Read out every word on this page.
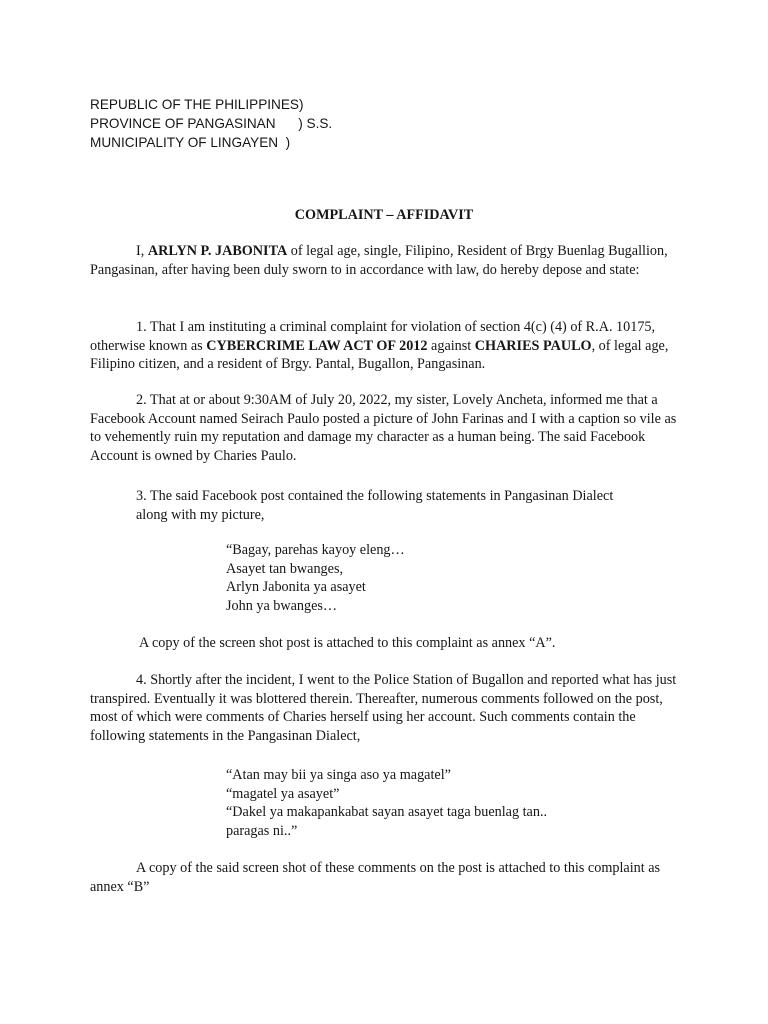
REPUBLIC OF THE PHILIPPINES)
PROVINCE OF PANGASINAN      ) S.S.
MUNICIPALITY OF LINGAYEN  )
COMPLAINT – AFFIDAVIT
I, ARLYN P. JABONITA of legal age, single, Filipino, Resident of Brgy Buenlag Bugallion, Pangasinan, after having been duly sworn to in accordance with law, do hereby depose and state:
1. That I am instituting a criminal complaint for violation of section 4(c) (4) of R.A. 10175, otherwise known as CYBERCRIME LAW ACT OF 2012 against CHARIES PAULO, of legal age, Filipino citizen, and a resident of Brgy. Pantal, Bugallon, Pangasinan.
2. That at or about 9:30AM of July 20, 2022, my sister, Lovely Ancheta, informed me that a Facebook Account named Seirach Paulo posted a picture of John Farinas and I with a caption so vile as to vehemently ruin my reputation and damage my character as a human being. The said Facebook Account is owned by Charies Paulo.
3. The said Facebook post contained the following statements in Pangasinan Dialect
along with my picture,
“Bagay, parehas kayoy eleng…
Asayet tan bwanges,
Arlyn Jabonita ya asayet
John ya bwanges…
A copy of the screen shot post is attached to this complaint as annex “A”.
4. Shortly after the incident, I went to the Police Station of Bugallon and reported what has just transpired. Eventually it was blottered therein. Thereafter, numerous comments followed on the post, most of which were comments of Charies herself using her account. Such comments contain the following statements in the Pangasinan Dialect,
“Atan may bii ya singa aso ya magatel”
“magatel ya asayet”
“Dakel ya makapankabat sayan asayet taga buenlag tan..
paragas ni..”
A copy of the said screen shot of these comments on the post is attached to this complaint as annex “B”
